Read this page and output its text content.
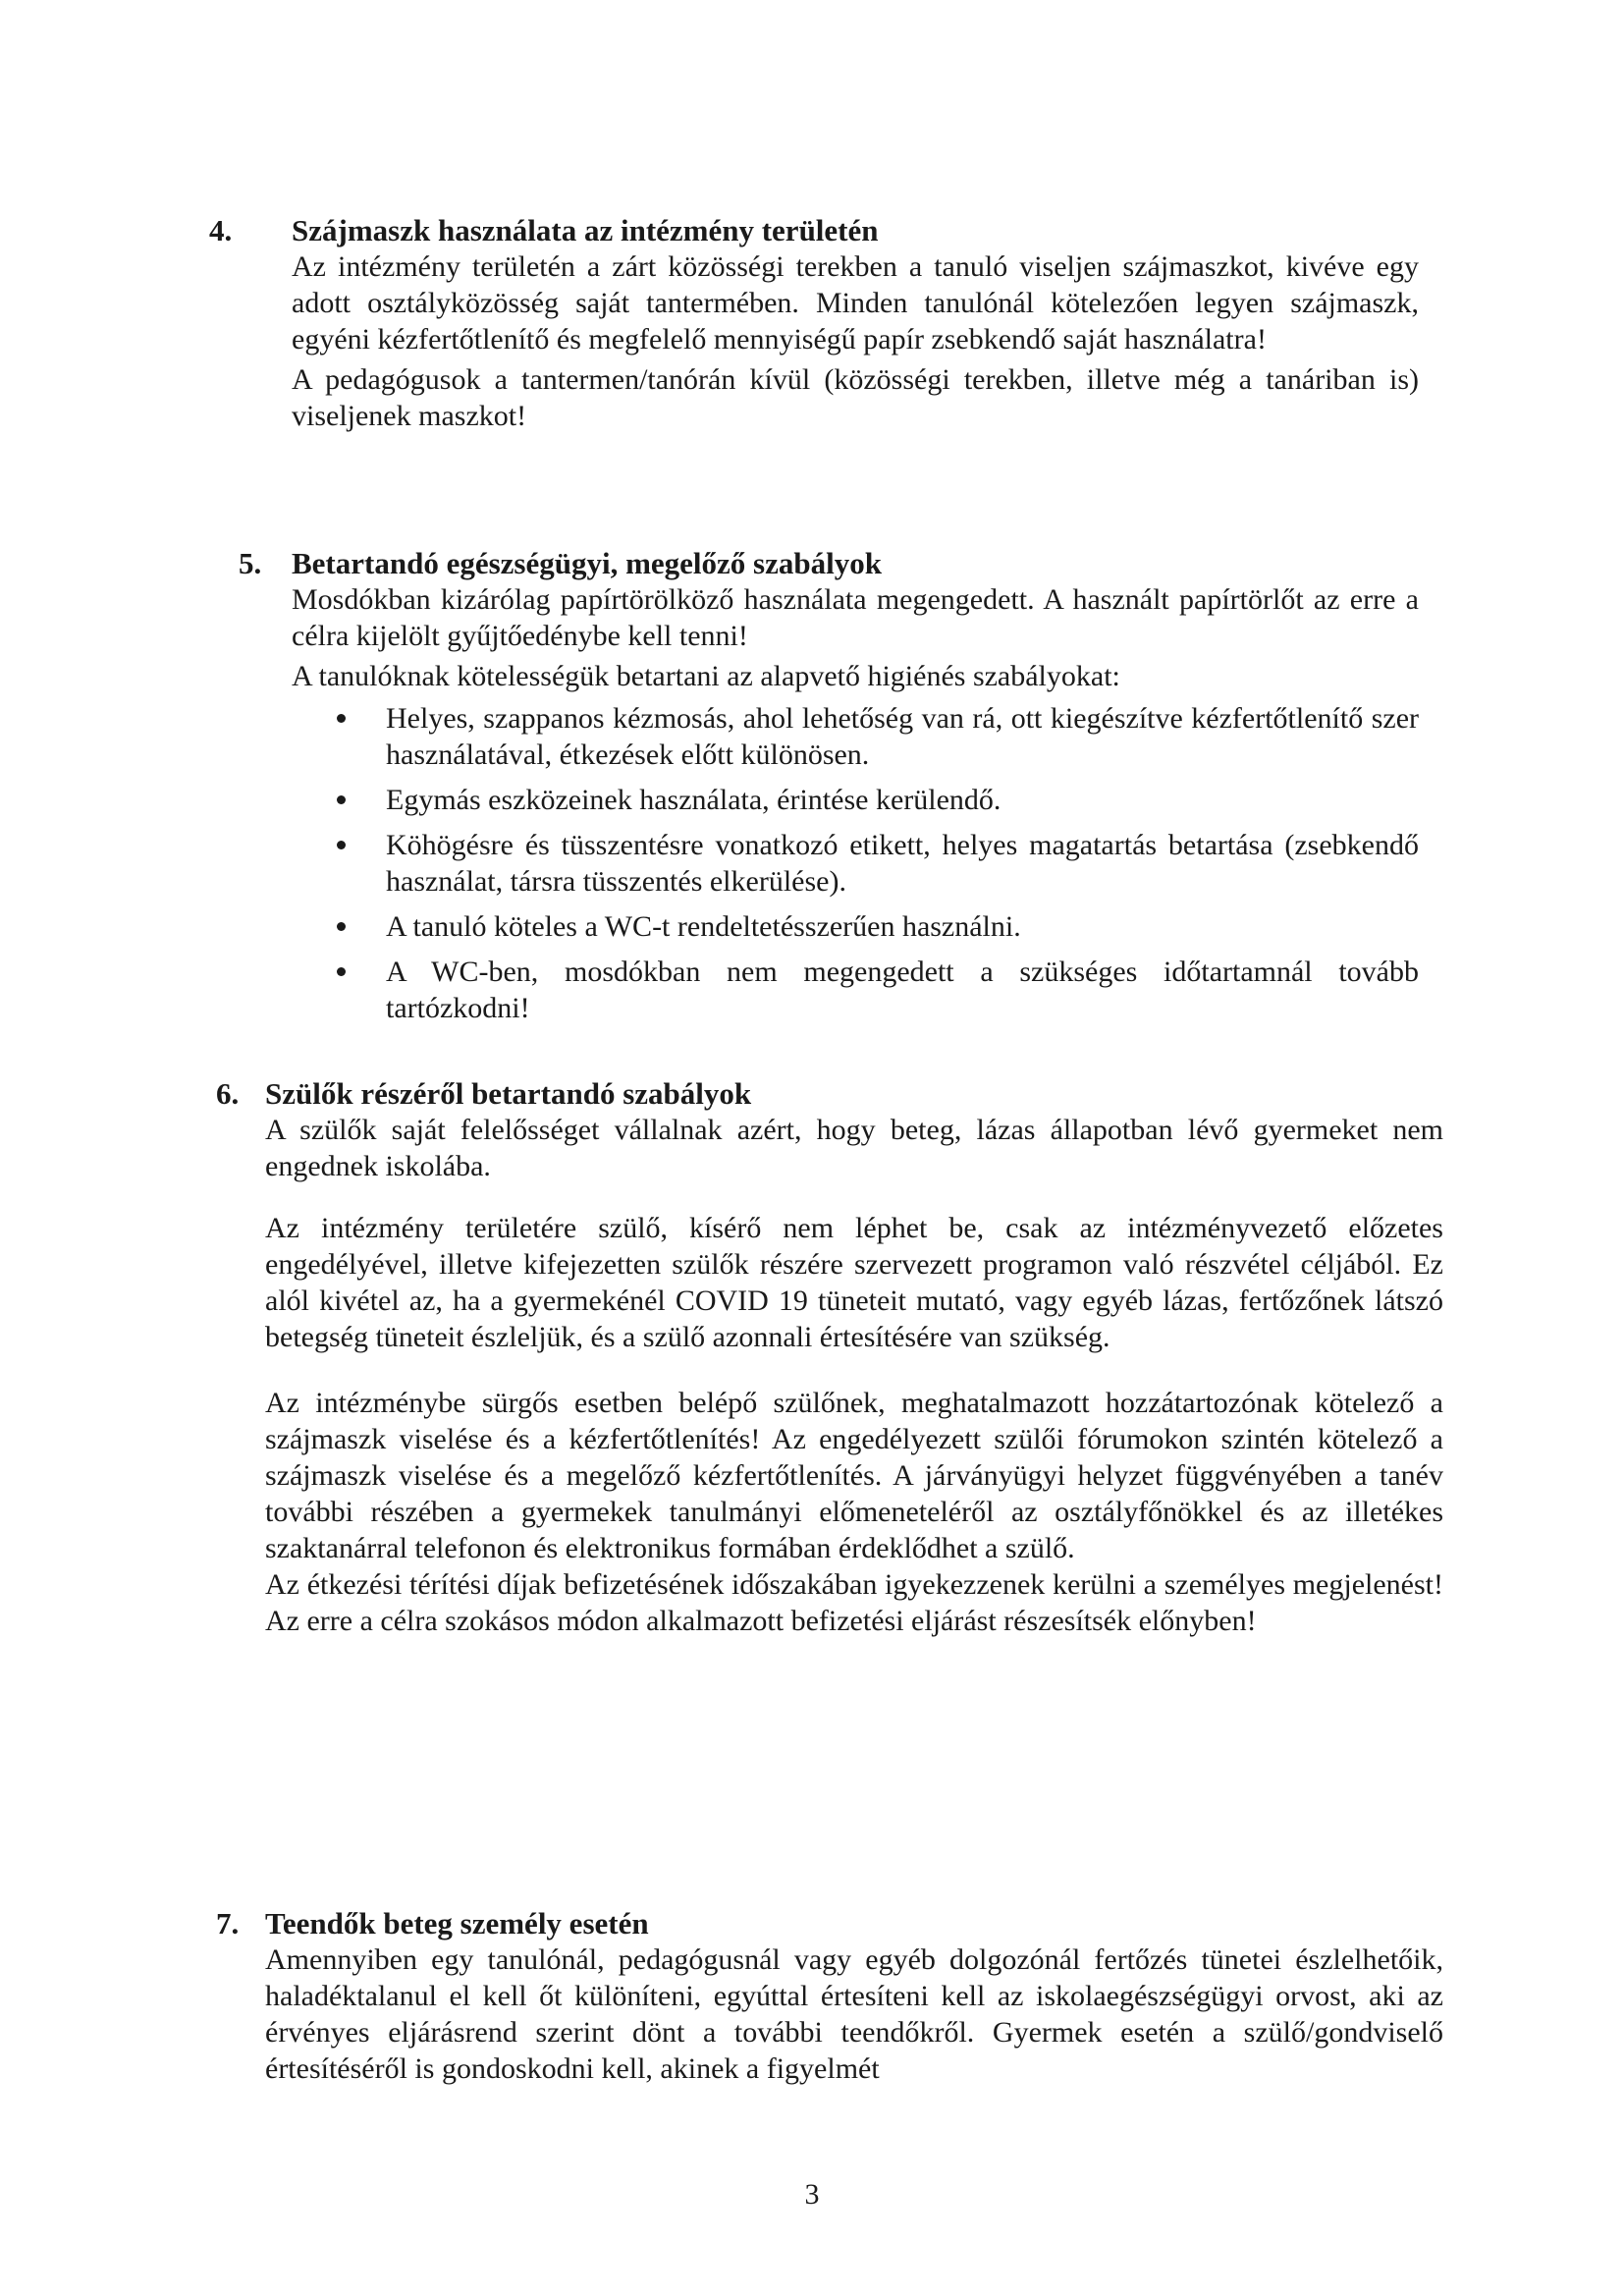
4.	Szájmaszk használata az intézmény területén

Az intézmény területén a zárt közösségi terekben a tanuló viseljen szájmaszkot, kivéve egy adott osztályközösség saját tantermében. Minden tanulónál kötelezően legyen szájmaszk, egyéni kézfertőtlenítő és megfelelő mennyiségű papír zsebkendő saját használatra!

A pedagógusok a tantermen/tanórán kívül (közösségi terekben, illetve még a tanáriban is) viseljenek maszkot!

5. Betartandó egészségügyi, megelőző szabályok

Mosdókban kizárólag papírtörölköző használata megengedett. A használt papírtörlőt az erre a célra kijelölt gyűjtőedénybe kell tenni!

A tanulóknak kötelességük betartani az alapvető higiénés szabályokat:

Helyes, szappanos kézmosás, ahol lehetőség van rá, ott kiegészítve kézfertőtlenítő szer használatával, étkezések előtt különösen.
Egymás eszközeinek használata, érintése kerülendő.
Köhögésre és tüsszentésre vonatkozó etikett, helyes magatartás betartása (zsebkendő használat, társra tüsszentés elkerülése).
A tanuló köteles a WC-t rendeltetésszerűen használni.
A WC-ben, mosdókban nem megengedett a szükséges időtartamnál tovább tartózkodni!
6. Szülők részéről betartandó szabályok

A szülők saját felelősséget vállalnak azért, hogy beteg, lázas állapotban lévő gyermeket nem engednek iskolába.

Az intézmény területére szülő, kísérő nem léphet be, csak az intézményvezető előzetes engedélyével, illetve kifejezetten szülők részére szervezett programon való részvétel céljából. Ez alól kivétel az, ha a gyermekénél COVID 19 tüneteit mutató, vagy egyéb lázas, fertőzőnek látszó betegség tüneteit észleljük, és a szülő azonnali értesítésére van szükség.

Az intézménybe sürgős esetben belépő szülőnek, meghatalmazott hozzátartozónak kötelező a szájmaszk viselése és a kézfertőtlenítés! Az engedélyezett szülői fórumokon szintén kötelező a szájmaszk viselése és a megelőző kézfertőtlenítés. A járványügyi helyzet függvényében a tanév további részében a gyermekek tanulmányi előmeneteléről az osztályfőnökkel és az illetékes szaktanárral telefonon és elektronikus formában érdeklődhet a szülő.

Az étkezési térítési díjak befizetésének időszakában igyekezzenek kerülni a személyes megjelenést! Az erre a célra szokásos módon alkalmazott befizetési eljárást részesítsék előnyben!

7. Teendők beteg személy esetén

Amennyiben egy tanulónál, pedagógusnál vagy egyéb dolgozónál fertőzés tünetei észlelhetőik, haladéktalanul el kell őt különíteni, egyúttal értesíteni kell az iskolaegészségügyi orvost, aki az érvényes eljárásrend szerint dönt a további teendőkről. Gyermek esetén a szülő/gondviselő értesítéséről is gondoskodni kell, akinek a figyelmét

3
